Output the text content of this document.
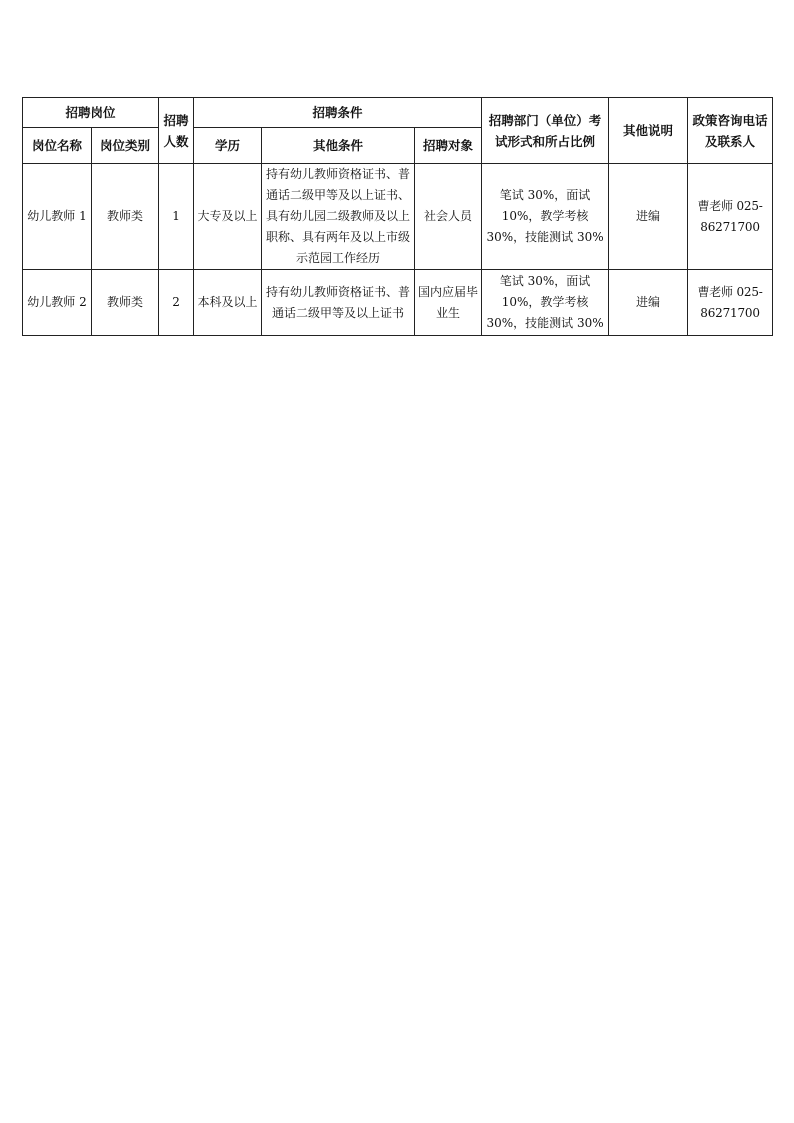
招聘岗位		招聘人数	招聘条件			招聘部门（单位）考试形式和所占比例	其他说明	政策咨询电话及联系人
岗位名称	岗位类别		学历	其他条件	招聘对象			
幼儿教师 1	教师类	1	大专及以上	持有幼儿教师资格证书、普通话二级甲等及以上证书、具有幼儿园二级教师及以上职称、具有两年及以上市级示范园工作经历	社会人员	笔试 30%，面试 10%，教学考核 30%，技能测试 30%	进编	曹老师 025-86271700
幼儿教师 2	教师类	2	本科及以上	持有幼儿教师资格证书、普通话二级甲等及以上证书	国内应届毕业生	笔试 30%，面试 10%，教学考核 30%，技能测试 30%	进编	曹老师 025-86271700
